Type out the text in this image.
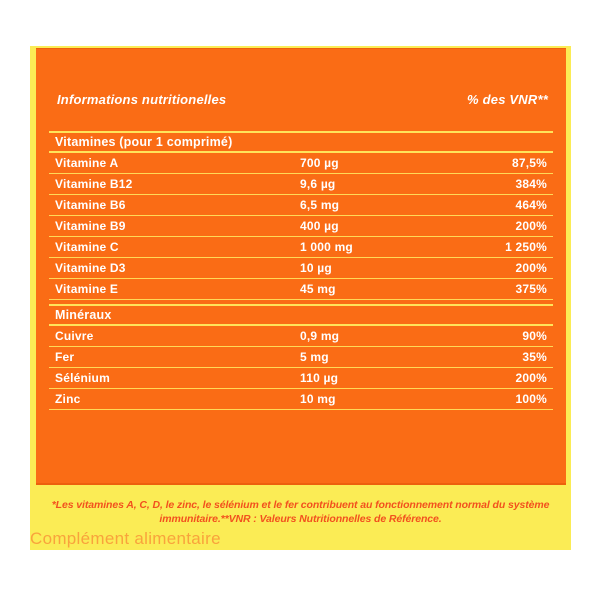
Informations nutritionelles	% des VNR**
Vitamines (pour 1 comprimé)
Vitamine A	700 µg	87,5%
Vitamine B12	9,6 µg	384%
Vitamine B6	6,5 mg	464%
Vitamine B9	400 µg	200%
Vitamine C	1 000 mg	1 250%
Vitamine D3	10 µg	200%
Vitamine E	45 mg	375%
Minéraux
Cuivre	0,9 mg	90%
Fer	5 mg	35%
Sélénium	110 µg	200%
Zinc	10 mg	100%
*Les vitamines A, C, D, le zinc, le sélénium et le fer contribuent au fonctionnement normal du système immunitaire.**VNR : Valeurs Nutritionnelles de Référence.
Complément alimentaire
